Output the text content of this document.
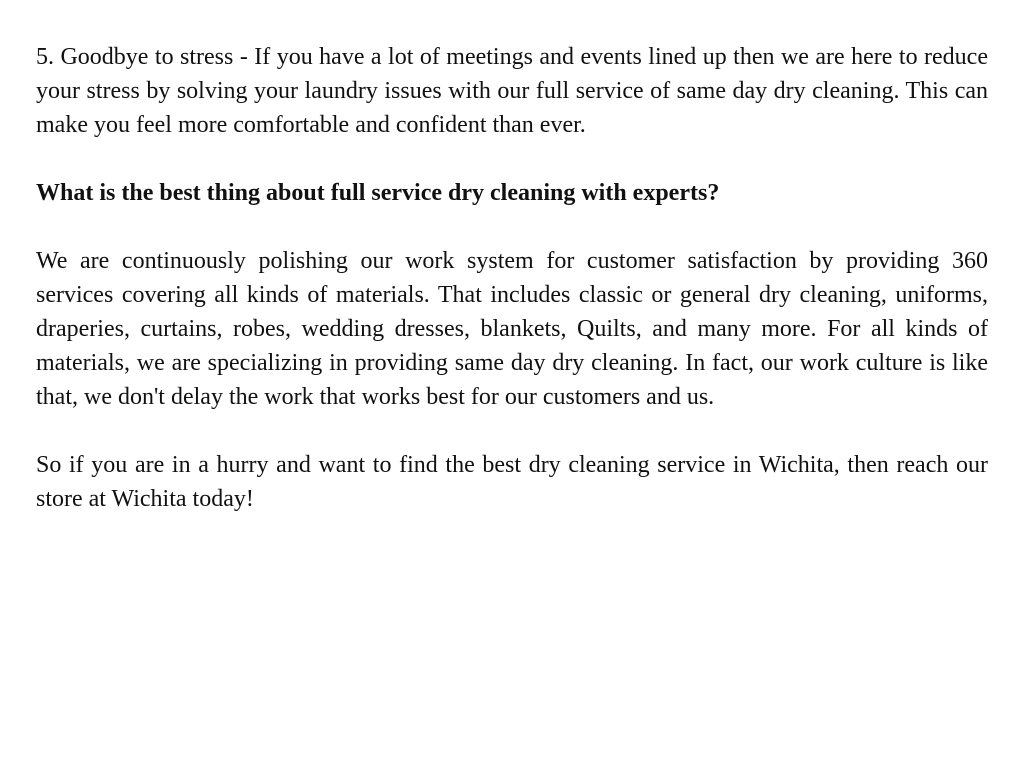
5. Goodbye to stress - If you have a lot of meetings and events lined up then we are here to reduce your stress by solving your laundry issues with our full service of same day dry cleaning. This can make you feel more comfortable and confident than ever.

What is the best thing about full service dry cleaning with experts?

We are continuously polishing our work system for customer satisfaction by providing 360 services covering all kinds of materials. That includes classic or general dry cleaning, uniforms, draperies, curtains, robes, wedding dresses, blankets, Quilts, and many more. For all kinds of materials, we are specializing in providing same day dry cleaning. In fact, our work culture is like that, we don't delay the work that works best for our customers and us.

So if you are in a hurry and want to find the best dry cleaning service in Wichita, then reach our store at Wichita today!
